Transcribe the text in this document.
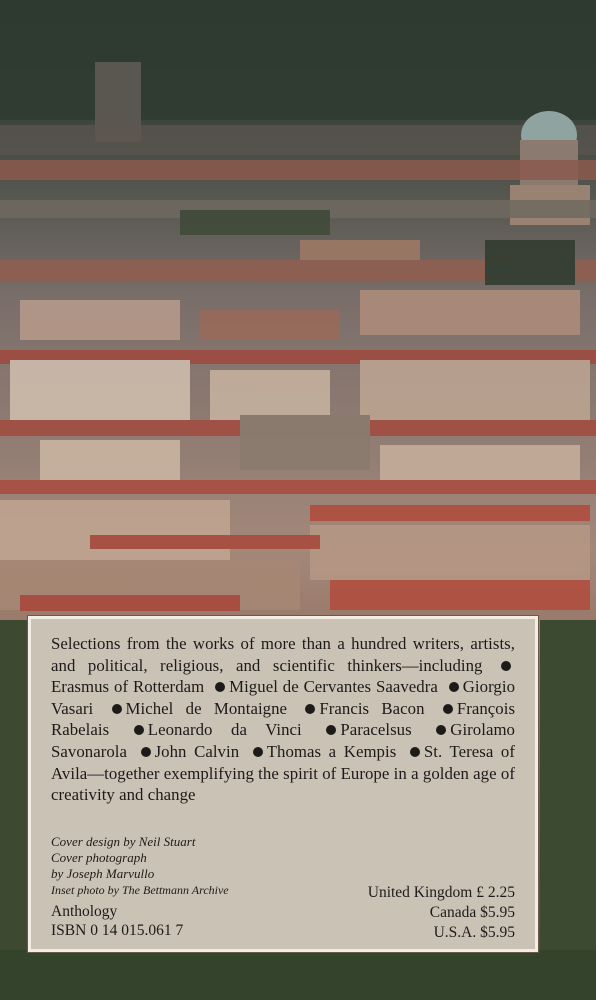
Selections from the works of more than a hundred writers, artists, and political, religious, and scientific thinkers—including Erasmus of Rotterdam Miguel de Cervantes Saavedra Giorgio Vasari Michel de Montaigne Francis Bacon François Rabelais Leonardo da Vinci Paracelsus Girolamo Savonarola John Calvin Thomas a Kempis St. Teresa of Avila—together exemplifying the spirit of Europe in a golden age of creativity and change

Cover design by Neil Stuart
Cover photograph
by Joseph Marvullo
Inset photo by The Bettmann Archive
Anthology
ISBN 0 14 015.061 7
United Kingdom £ 2.25
Canada $5.95
U.S.A. $5.95
